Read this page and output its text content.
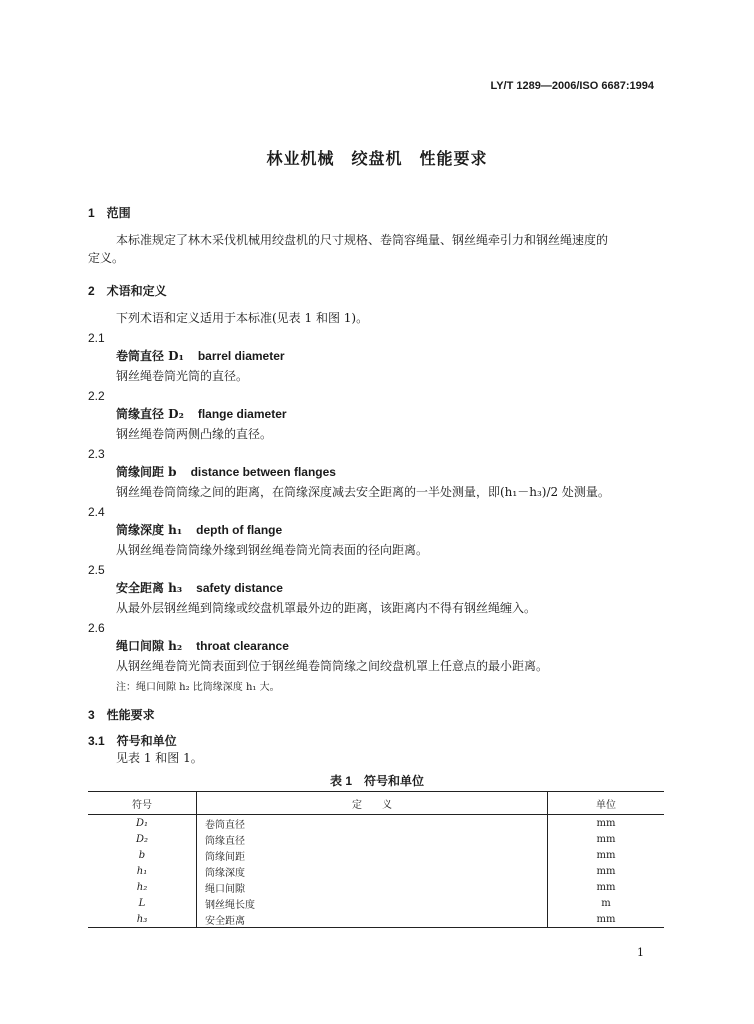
LY/T 1289—2006/ISO 6687:1994
林业机械　绞盘机　性能要求
1　范围
本标准规定了林木采伐机械用绞盘机的尺寸规格、卷筒容绳量、钢丝绳牵引力和钢丝绳速度的
定义。
2　术语和定义
下列术语和定义适用于本标准(见表 1 和图 1)。
2.1
卷筒直径 D₁ barrel diameter
钢丝绳卷筒光筒的直径。
2.2
筒缘直径 D₂ flange diameter
钢丝绳卷筒两侧凸缘的直径。
2.3
筒缘间距 b distance between flanges
钢丝绳卷筒筒缘之间的距离，在筒缘深度减去安全距离的一半处测量，即(h₁－h₃)/2 处测量。
2.4
筒缘深度 h₁ depth of flange
从钢丝绳卷筒筒缘外缘到钢丝绳卷筒光筒表面的径向距离。
2.5
安全距离 h₃ safety distance
从最外层钢丝绳到筒缘或绞盘机罩最外边的距离，该距离内不得有钢丝绳缠入。
2.6
绳口间隙 h₂ throat clearance
从钢丝绳卷筒光筒表面到位于钢丝绳卷筒筒缘之间绞盘机罩上任意点的最小距离。
注：绳口间隙 h₂ 比筒缘深度 h₁ 大。
3　性能要求
3.1　符号和单位
见表 1 和图 1。
表 1　符号和单位
符号	定　　义	单位
D₁	卷筒直径	mm
D₂	筒缘直径	mm
b	筒缘间距	mm
h₁	筒缘深度	mm
h₂	绳口间隙	mm
L	钢丝绳长度	m
h₃	安全距离	mm
1
